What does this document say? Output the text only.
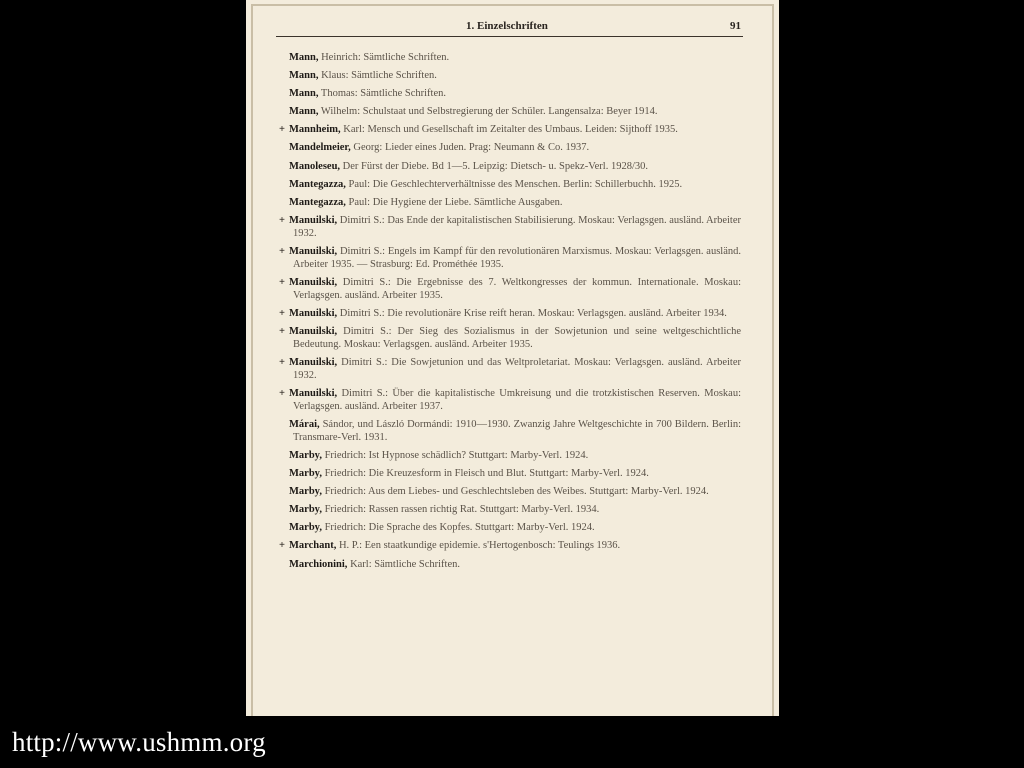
1. Einzelschriften	91
Mann, Heinrich: Sämtliche Schriften.
Mann, Klaus: Sämtliche Schriften.
Mann, Thomas: Sämtliche Schriften.
Mann, Wilhelm: Schulstaat und Selbstregierung der Schüler. Langensalza: Beyer 1914.
+ Mannheim, Karl: Mensch und Gesellschaft im Zeitalter des Umbaus. Leiden: Sijthoff 1935.
Mandelmeier, Georg: Lieder eines Juden. Prag: Neumann & Co. 1937.
Manoleseu, Der Fürst der Diebe. Bd 1—5. Leipzig: Dietsch- u. Spekz-Verl. 1928/30.
Mantegazza, Paul: Die Geschlechterverhältnisse des Menschen. Berlin: Schillerbuchh. 1925.
Mantegazza, Paul: Die Hygiene der Liebe. Sämtliche Ausgaben.
+ Manuilski, Dimitri S.: Das Ende der kapitalistischen Stabilisierung. Moskau: Verlagsgen. ausländ. Arbeiter 1932.
+ Manuilski, Dimitri S.: Engels im Kampf für den revolutionären Marxismus. Moskau: Verlagsgen. ausländ. Arbeiter 1935. — Strasburg: Ed. Prométhée 1935.
+ Manuilski, Dimitri S.: Die Ergebnisse des 7. Weltkongresses der kommun. Internationale. Moskau: Verlagsgen. ausländ. Arbeiter 1935.
+ Manuilski, Dimitri S.: Die revolutionäre Krise reift heran. Moskau: Verlagsgen. ausländ. Arbeiter 1934.
+ Manuilski, Dimitri S.: Der Sieg des Sozialismus in der Sowjetunion und seine weltgeschichtliche Bedeutung. Moskau: Verlagsgen. ausländ. Arbeiter 1935.
+ Manuilski, Dimitri S.: Die Sowjetunion und das Weltproletariat. Moskau: Verlagsgen. ausländ. Arbeiter 1932.
+ Manuilski, Dimitri S.: Über die kapitalistische Umkreisung und die trotzkistischen Reserven. Moskau: Verlagsgen. ausländ. Arbeiter 1937.
Márai, Sándor, und László Dormándi: 1910—1930. Zwanzig Jahre Weltgeschichte in 700 Bildern. Berlin: Transmare-Verl. 1931.
Marby, Friedrich: Ist Hypnose schädlich? Stuttgart: Marby-Verl. 1924.
Marby, Friedrich: Die Kreuzesform in Fleisch und Blut. Stuttgart: Marby-Verl. 1924.
Marby, Friedrich: Aus dem Liebes- und Geschlechtsleben des Weibes. Stuttgart: Marby-Verl. 1924.
Marby, Friedrich: Rassen rassen richtig Rat. Stuttgart: Marby-Verl. 1934.
Marby, Friedrich: Die Sprache des Kopfes. Stuttgart: Marby-Verl. 1924.
+ Marchant, H. P.: Een staatkundige epidemie. s'Hertogenbosch: Teulings 1936.
Marchionini, Karl: Sämtliche Schriften.
http://www.ushmm.org
